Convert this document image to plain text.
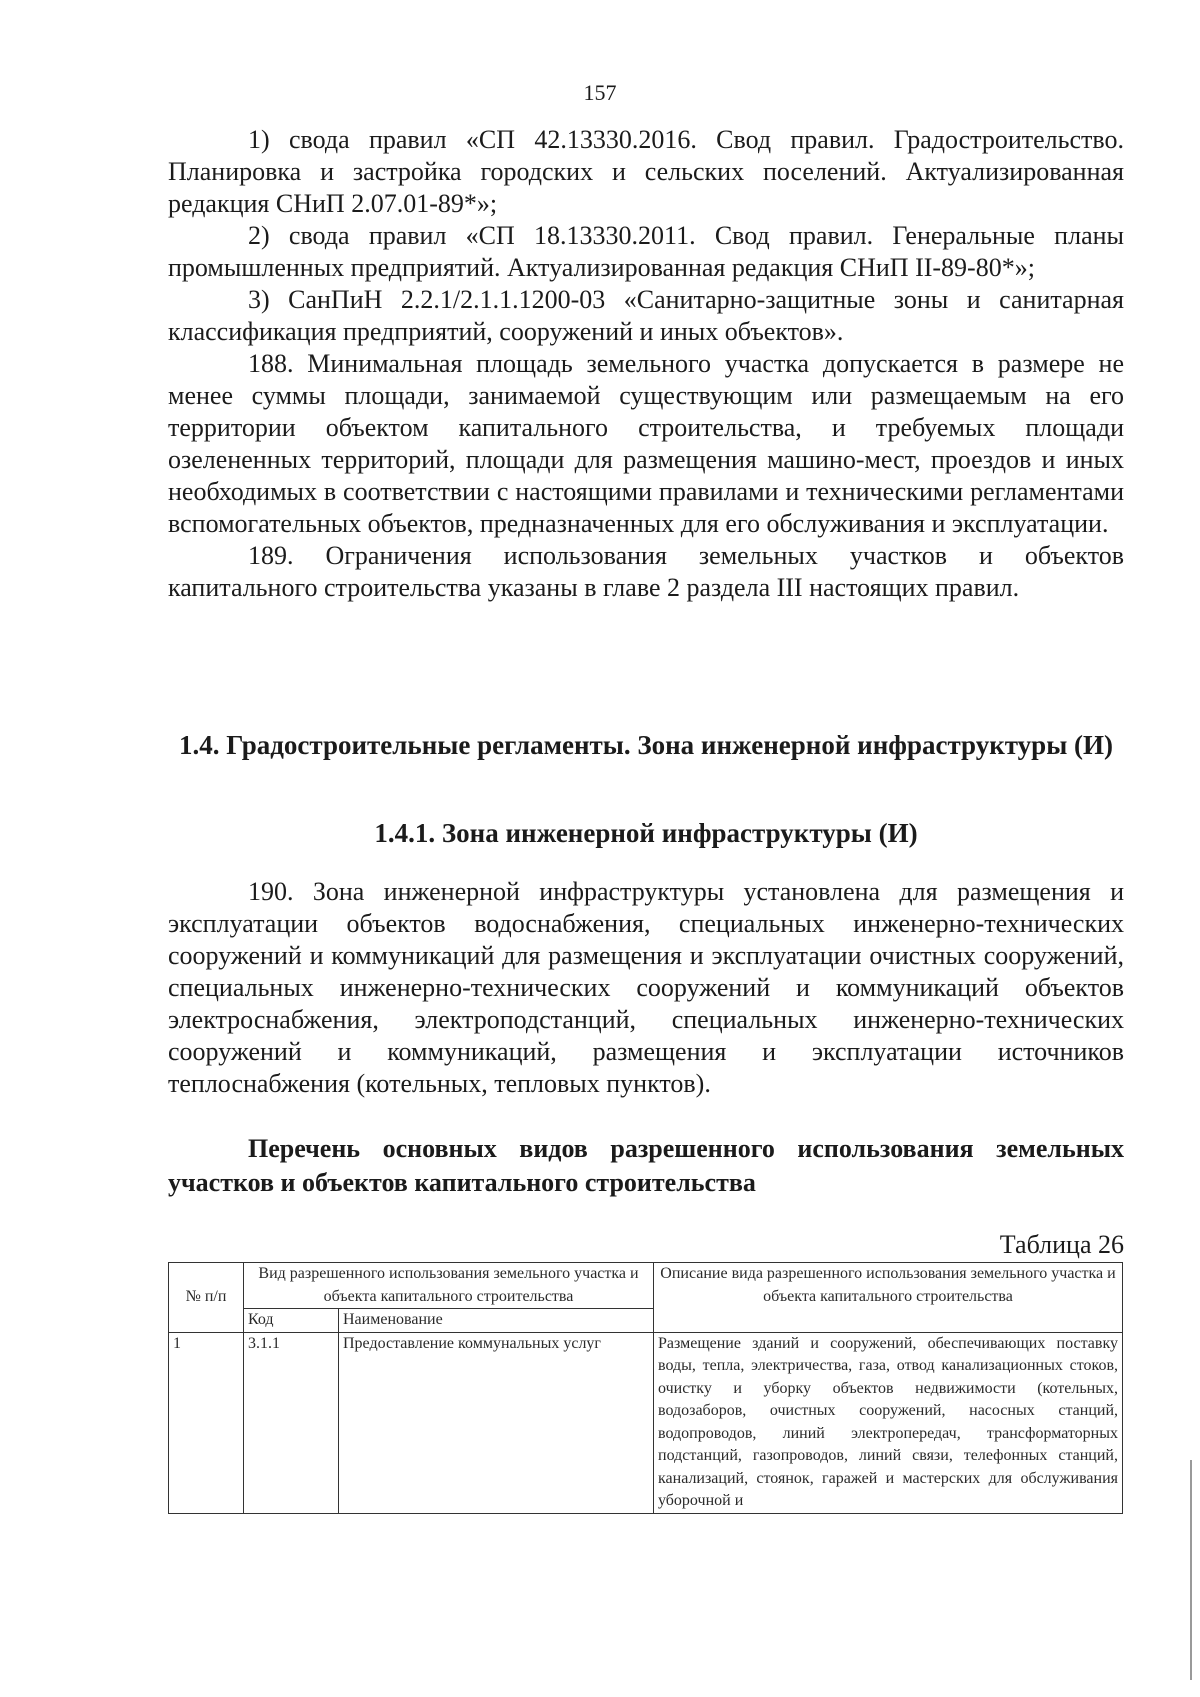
157

1) свода правил «СП 42.13330.2016. Свод правил. Градостроительство. Планировка и застройка городских и сельских поселений. Актуализированная редакция СНиП 2.07.01-89*»;

2) свода правил «СП 18.13330.2011. Свод правил. Генеральные планы промышленных предприятий. Актуализированная редакция СНиП II-89-80*»;

3) СанПиН 2.2.1/2.1.1.1200-03 «Санитарно-защитные зоны и санитарная классификация предприятий, сооружений и иных объектов».

188. Минимальная площадь земельного участка допускается в размере не менее суммы площади, занимаемой существующим или размещаемым на его территории объектом капитального строительства, и требуемых площади озелененных территорий, площади для размещения машино-мест, проездов и иных необходимых в соответствии с настоящими правилами и техническими регламентами вспомогательных объектов, предназначенных для его обслуживания и эксплуатации.

189. Ограничения использования земельных участков и объектов капитального строительства указаны в главе 2 раздела III настоящих правил.

1.4. Градостроительные регламенты. Зона инженерной инфраструктуры (И)
1.4.1. Зона инженерной инфраструктуры (И)

190. Зона инженерной инфраструктуры установлена для размещения и эксплуатации объектов водоснабжения, специальных инженерно-технических сооружений и коммуникаций для размещения и эксплуатации очистных сооружений, специальных инженерно-технических сооружений и коммуникаций объектов электроснабжения, электроподстанций, специальных инженерно-технических сооружений и коммуникаций, размещения и эксплуатации источников теплоснабжения (котельных, тепловых пунктов).

Перечень основных видов разрешенного использования земельных участков и объектов капитального строительства
Таблица 26
№ п/п	Вид разрешенного использования земельного участка и объекта капитального строительства		Описание вида разрешенного использования земельного участка и объекта капитального строительства
	Код	Наименование	
1	3.1.1	Предоставление коммунальных услуг	Размещение зданий и сооружений, обеспечивающих поставку воды, тепла, электричества, газа, отвод канализационных стоков, очистку и уборку объектов недвижимости (котельных, водозаборов, очистных сооружений, насосных станций, водопроводов, линий электропередач, трансформаторных подстанций, газопроводов, линий связи, телефонных станций, канализаций, стоянок, гаражей и мастерских для обслуживания уборочной и
